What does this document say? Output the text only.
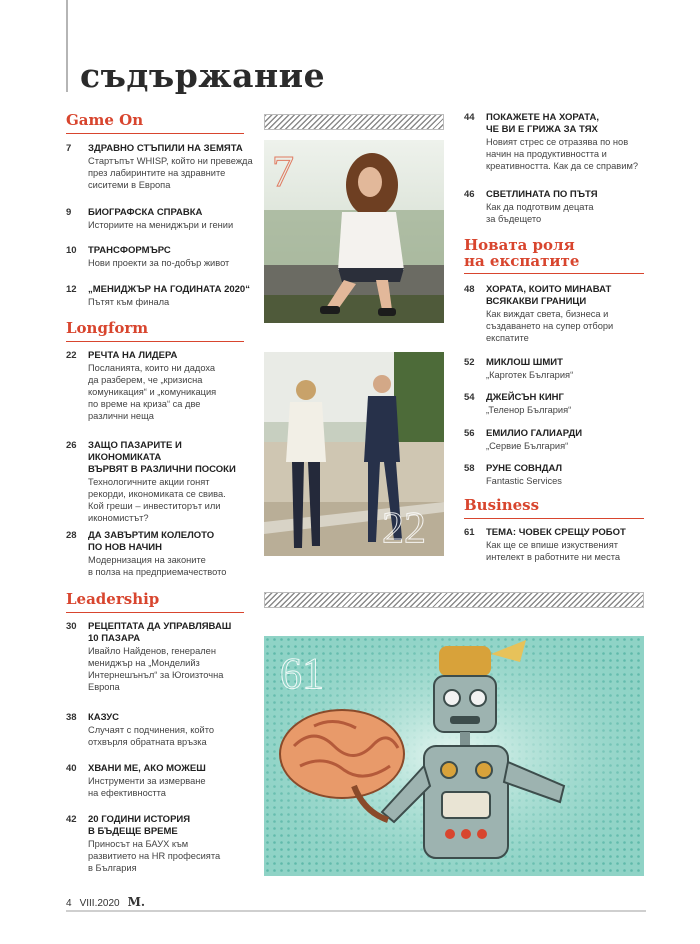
съдържание
Game On
7	ЗДРАВНО СТЪПИЛИ НА ЗЕМЯТА
Стартъпът WHISP, който ни превежда
през лабиринтите на здравните
сиситеми в Европа
9	БИОГРАФСКА СПРАВКА
Историите на мениджъри и гении
10	ТРАНСФОРМЪРС
Нови проекти за по-добър живот
12	„МЕНИДЖЪР НА ГОДИНАТА 2020“
Пътят към финала
Longform
22	РЕЧТА НА ЛИДЕРА
Посланията, които ни дадоха
да разберем, че „кризисна
комуникация“ и „комуникация
по време на криза“ са две
различни неща
26	ЗАЩО ПАЗАРИТЕ И ИКОНОМИКАТА
ВЪРВЯТ В РАЗЛИЧНИ ПОСОКИ
Технологичните акции гонят
рекорди, икономиката се свива.
Кой греши – инвеститорът или
икономистът?
28	ДА ЗАВЪРТИМ КОЛЕЛОТО
ПО НОВ НАЧИН
Модернизация на законите
в полза на предприемачеството
Leadership
30	РЕЦЕПТАТА ДА УПРАВЛЯВАШ
10 ПАЗАРА
Ивайло Найденов, генерален
мениджър на „Монделийз
Интернешънъл“ за Югоизточна
Европа
38	КАЗУС
Случаят с подчинения, който
отхвърля обратната връзка
40	ХВАНИ МЕ, АКО МОЖЕШ
Инструменти за измерване
на ефективността
42	20 ГОДИНИ ИСТОРИЯ
В БЪДЕЩЕ ВРЕМЕ
Приносът на БАУХ към
развитието на HR професията
в България
7
22
44	ПОКАЖЕТЕ НА ХОРАТА,
ЧЕ ВИ Е ГРИЖА ЗА ТЯХ
Новият стрес се отразява по нов
начин на продуктивността и
креативността. Как да се справим?
46	СВЕТЛИНАТА ПО ПЪТЯ
Как да подготвим децата
за бъдещето
Новата роля
на експатите
48	ХОРАТА, КОИТО МИНАВАТ
ВСЯКАКВИ ГРАНИЦИ
Как виждат света, бизнеса и
създаването на супер отбори
експатите
52	МИКЛОШ ШМИТ
„Карготек България“
54	ДЖЕЙСЪН КИНГ
„Теленор България“
56	ЕМИЛИО ГАЛИАРДИ
„Сервие България“
58	РУНЕ СОВНДАЛ
Fantastic Services
Business
61	ТЕМА: ЧОВЕК СРЕЩУ РОБОТ
Как ще се впише изкуственият
интелект в работните ни места
61
4 VIII.2020 М.
